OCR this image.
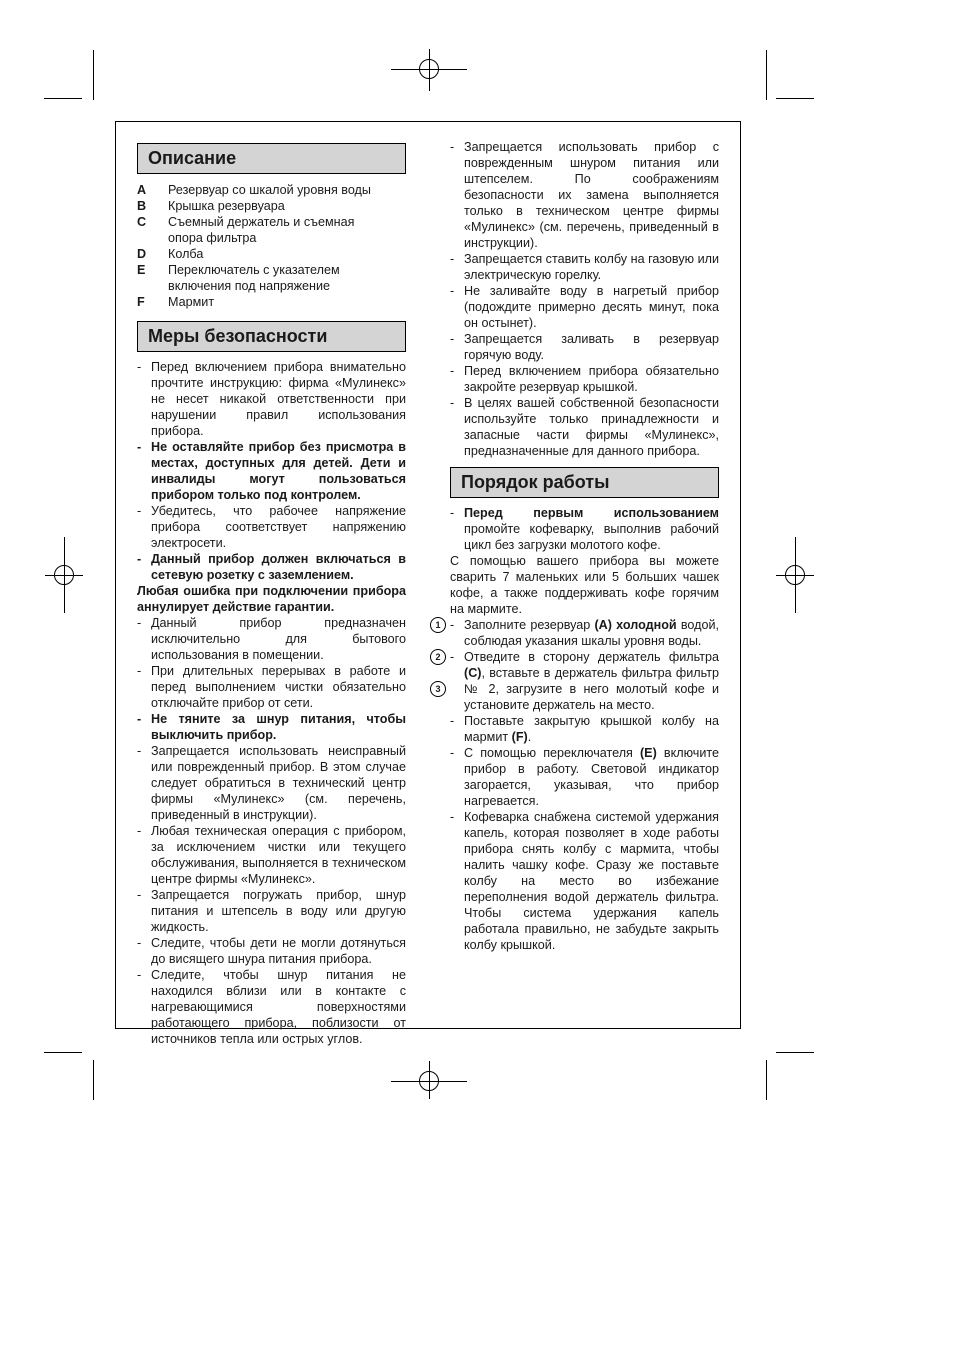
Описание
A Резервуар со шкалой уровня воды
B Крышка резервуара
C Съемный держатель и съемная опора фильтра
D Колба
E Переключатель с указателем включения под напряжение
F Мармит
Меры безопасности
- Перед включением прибора внимательно прочтите инструкцию: фирма «Мулинекс» не несет никакой ответственности при нарушении правил использования прибора.
- Не оставляйте прибор без присмотра в местах, доступных для детей. Дети и инвалиды могут пользоваться прибором только под контролем.
- Убедитесь, что рабочее напряжение прибора соответствует напряжению электросети.
- Данный прибор должен включаться в сетевую розетку с заземлением.
Любая ошибка при подключении прибора аннулирует действие гарантии.
- Данный прибор предназначен исключительно для бытового использования в помещении.
- При длительных перерывах в работе и перед выполнением чистки обязательно отключайте прибор от сети.
- Не тяните за шнур питания, чтобы выключить прибор.
- Запрещается использовать неисправный или поврежденный прибор. В этом случае следует обратиться в технический центр фирмы «Мулинекс» (см. перечень, приведенный в инструкции).
- Любая техническая операция с прибором, за исключением чистки или текущего обслуживания, выполняется в техническом центре фирмы «Мулинекс».
- Запрещается погружать прибор, шнур питания и штепсель в воду или другую жидкость.
- Следите, чтобы дети не могли дотянуться до висящего шнура питания прибора.
- Следите, чтобы шнур питания не находился вблизи или в контакте с нагревающимися поверхностями работающего прибора, поблизости от источников тепла или острых углов.
- Запрещается использовать прибор с поврежденным шнуром питания или штепселем. По соображениям безопасности их замена выполняется только в техническом центре фирмы «Мулинекс» (см. перечень, приведенный в инструкции).
- Запрещается ставить колбу на газовую или электрическую горелку.
- Не заливайте воду в нагретый прибор (подождите примерно десять минут, пока он остынет).
- Запрещается заливать в резервуар горячую воду.
- Перед включением прибора обязательно закройте резервуар крышкой.
- В целях вашей собственной безопасности используйте только принадлежности и запасные части фирмы «Мулинекс», предназначенные для данного прибора.
Порядок работы
- Перед первым использованием промойте кофеварку, выполнив рабочий цикл без загрузки молотого кофе.
С помощью вашего прибора вы можете сварить 7 маленьких или 5 больших чашек кофе, а также поддерживать кофе горячим на мармите.
1 - Заполните резервуар (A) холодной водой, соблюдая указания шкалы уровня воды.
2
3
- Отведите в сторону держатель фильтра (C), вставьте в держатель фильтра фильтр № 2, загрузите в него молотый кофе и установите держатель на место.
- Поставьте закрытую крышкой колбу на мармит (F).
- С помощью переключателя (E) включите прибор в работу. Световой индикатор загорается, указывая, что прибор нагревается.
- Кофеварка снабжена системой удержания капель, которая позволяет в ходе работы прибора снять колбу с мармита, чтобы налить чашку кофе. Сразу же поставьте колбу на место во избежание переполнения водой держатель фильтра. Чтобы система удержания капель работала правильно, не забудьте закрыть колбу крышкой.
